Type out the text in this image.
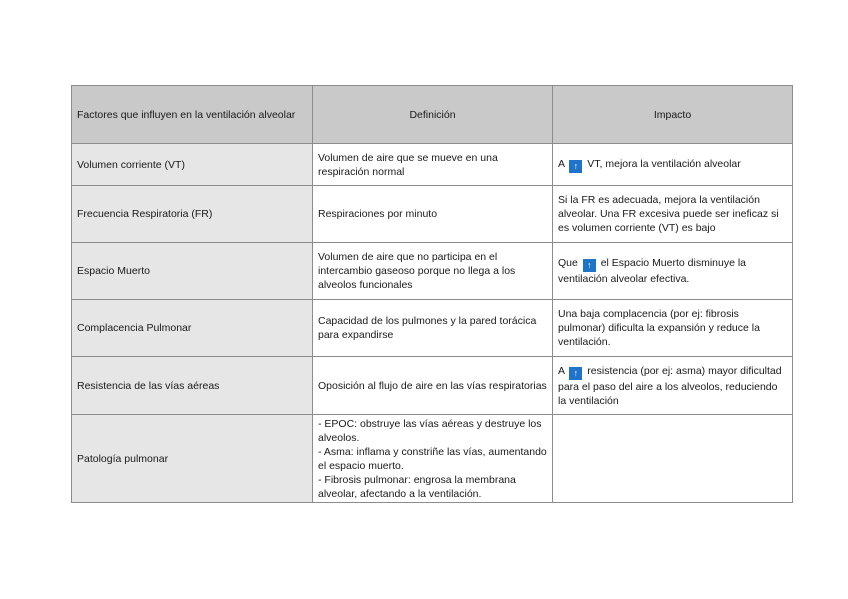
Factores que influyen en la ventilación alveolar	Definición	Impacto
Volumen corriente (VT)	Volumen de aire que se mueve en una respiración normal	A ↑ VT, mejora la ventilación alveolar
Frecuencia Respiratoria (FR)	Respiraciones por minuto	Si la FR es adecuada, mejora la ventilación alveolar. Una FR excesiva puede ser ineficaz si es volumen corriente (VT) es bajo
Espacio Muerto	Volumen de aire que no participa en el intercambio gaseoso porque no llega a los alveolos funcionales	Que ↑ el Espacio Muerto disminuye la ventilación alveolar efectiva.
Complacencia Pulmonar	Capacidad de los pulmones y la pared torácica para expandirse	Una baja complacencia (por ej: fibrosis pulmonar) dificulta la expansión y reduce la ventilación.
Resistencia de las vías aéreas	Oposición al flujo de aire en las vías respiratorias	A ↑ resistencia (por ej: asma) mayor dificultad para el paso del aire a los alveolos, reduciendo la ventilación
Patología pulmonar	- EPOC: obstruye las vías aéreas y destruye los alveolos.
- Asma: inflama y constriñe las vías, aumentando el espacio muerto.
- Fibrosis pulmonar: engrosa la membrana alveolar, afectando a la ventilación.	
